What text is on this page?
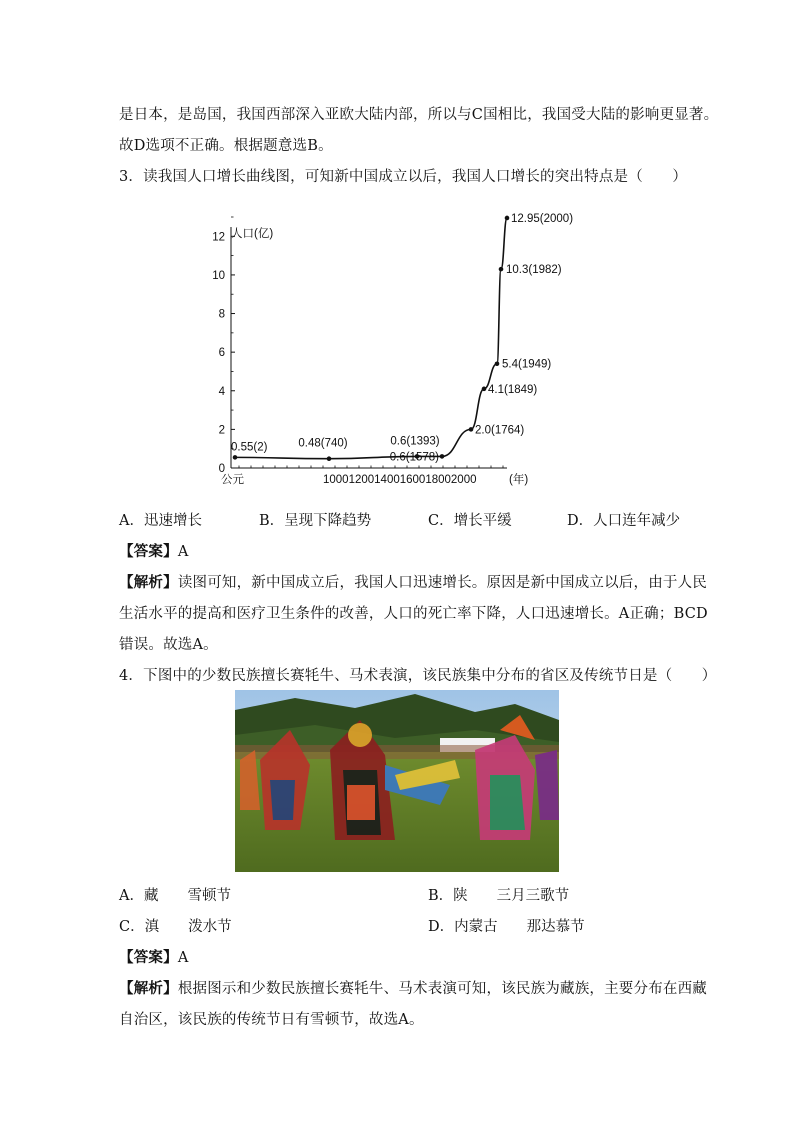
是日本，是岛国，我国西部深入亚欧大陆内部，所以与C国相比，我国受大陆的影响更显著。
故D选项不正确。根据题意选B。
3．读我国人口增长曲线图，可知新中国成立以后，我国人口增长的突出特点是（　　）
0
2
4
6
8
10
12
0.55(2)	0.48(740)	0.6(1393)
0.6(1578)
2.0(1764)
4.1(1849)
5.4(1949)
10.3(1982)
12.95(2000)
人口(亿)
公元	100012001400160018002000	(年)
A．迅速增长	B．呈现下降趋势	C．增长平缓	D．人口连年减少
【答案】A
【解析】读图可知，新中国成立后，我国人口迅速增长。原因是新中国成立以后，由于人民
生活水平的提高和医疗卫生条件的改善，人口的死亡率下降，人口迅速增长。A正确；BCD
错误。故选A。
4．下图中的少数民族擅长赛牦牛、马术表演，该民族集中分布的省区及传统节日是（　　）
A．藏　　雪顿节	B．陕　　三月三歌节
C．滇　　泼水节	D．内蒙古　　那达慕节
【答案】A
【解析】根据图示和少数民族擅长赛牦牛、马术表演可知，该民族为藏族，主要分布在西藏
自治区，该民族的传统节日有雪顿节，故选A。
